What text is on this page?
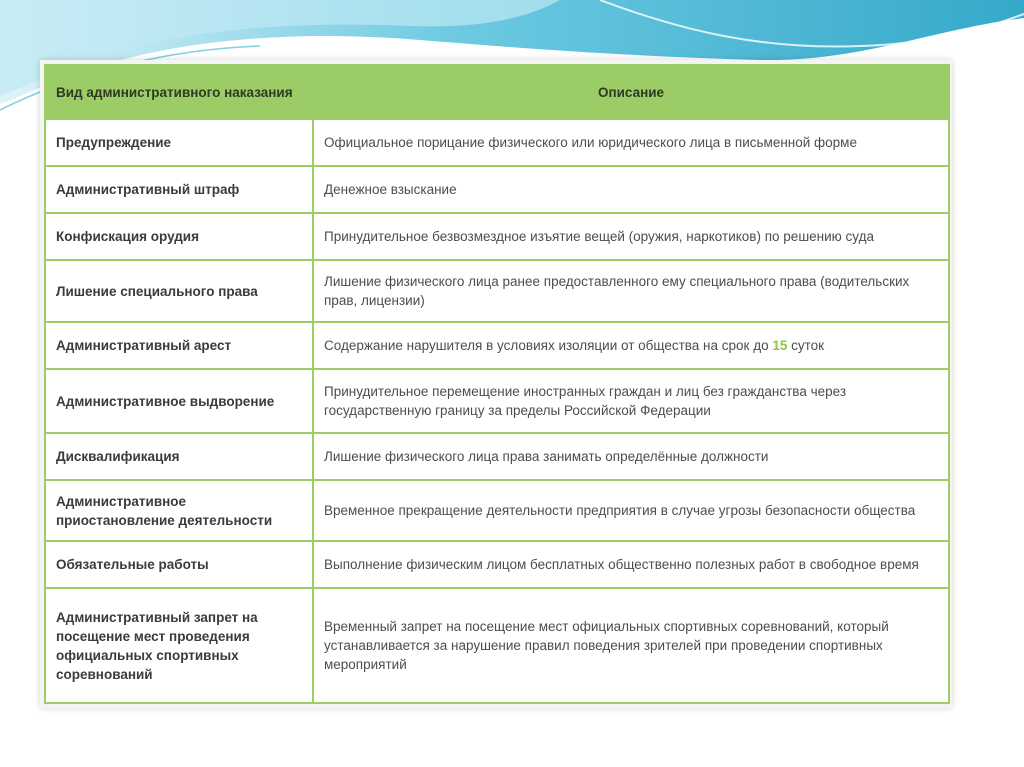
Вид административного наказания	Описание
Предупреждение	Официальное порицание физического или юридического лица в письменной форме
Административный штраф	Денежное взыскание
Конфискация орудия	Принудительное безвозмездное изъятие вещей (оружия, наркотиков) по решению суда
Лишение специального права	Лишение физического лица ранее предоставленного ему специального права (водительских прав, лицензии)
Административный арест	Содержание нарушителя в условиях изоляции от общества на срок до 15 суток
Административное выдворение	Принудительное перемещение иностранных граждан и лиц без гражданства через государственную границу за пределы Российской Федерации
Дисквалификация	Лишение физического лица права занимать определённые должности
Административное приостановление деятельности	Временное прекращение деятельности предприятия в случае угрозы безопасности общества
Обязательные работы	Выполнение физическим лицом бесплатных общественно полезных работ в свободное время
Административный запрет на посещение мест проведения официальных спортивных соревнований	Временный запрет на посещение мест официальных спортивных соревнований, который устанавливается за нарушение правил поведения зрителей при проведении спортивных мероприятий
